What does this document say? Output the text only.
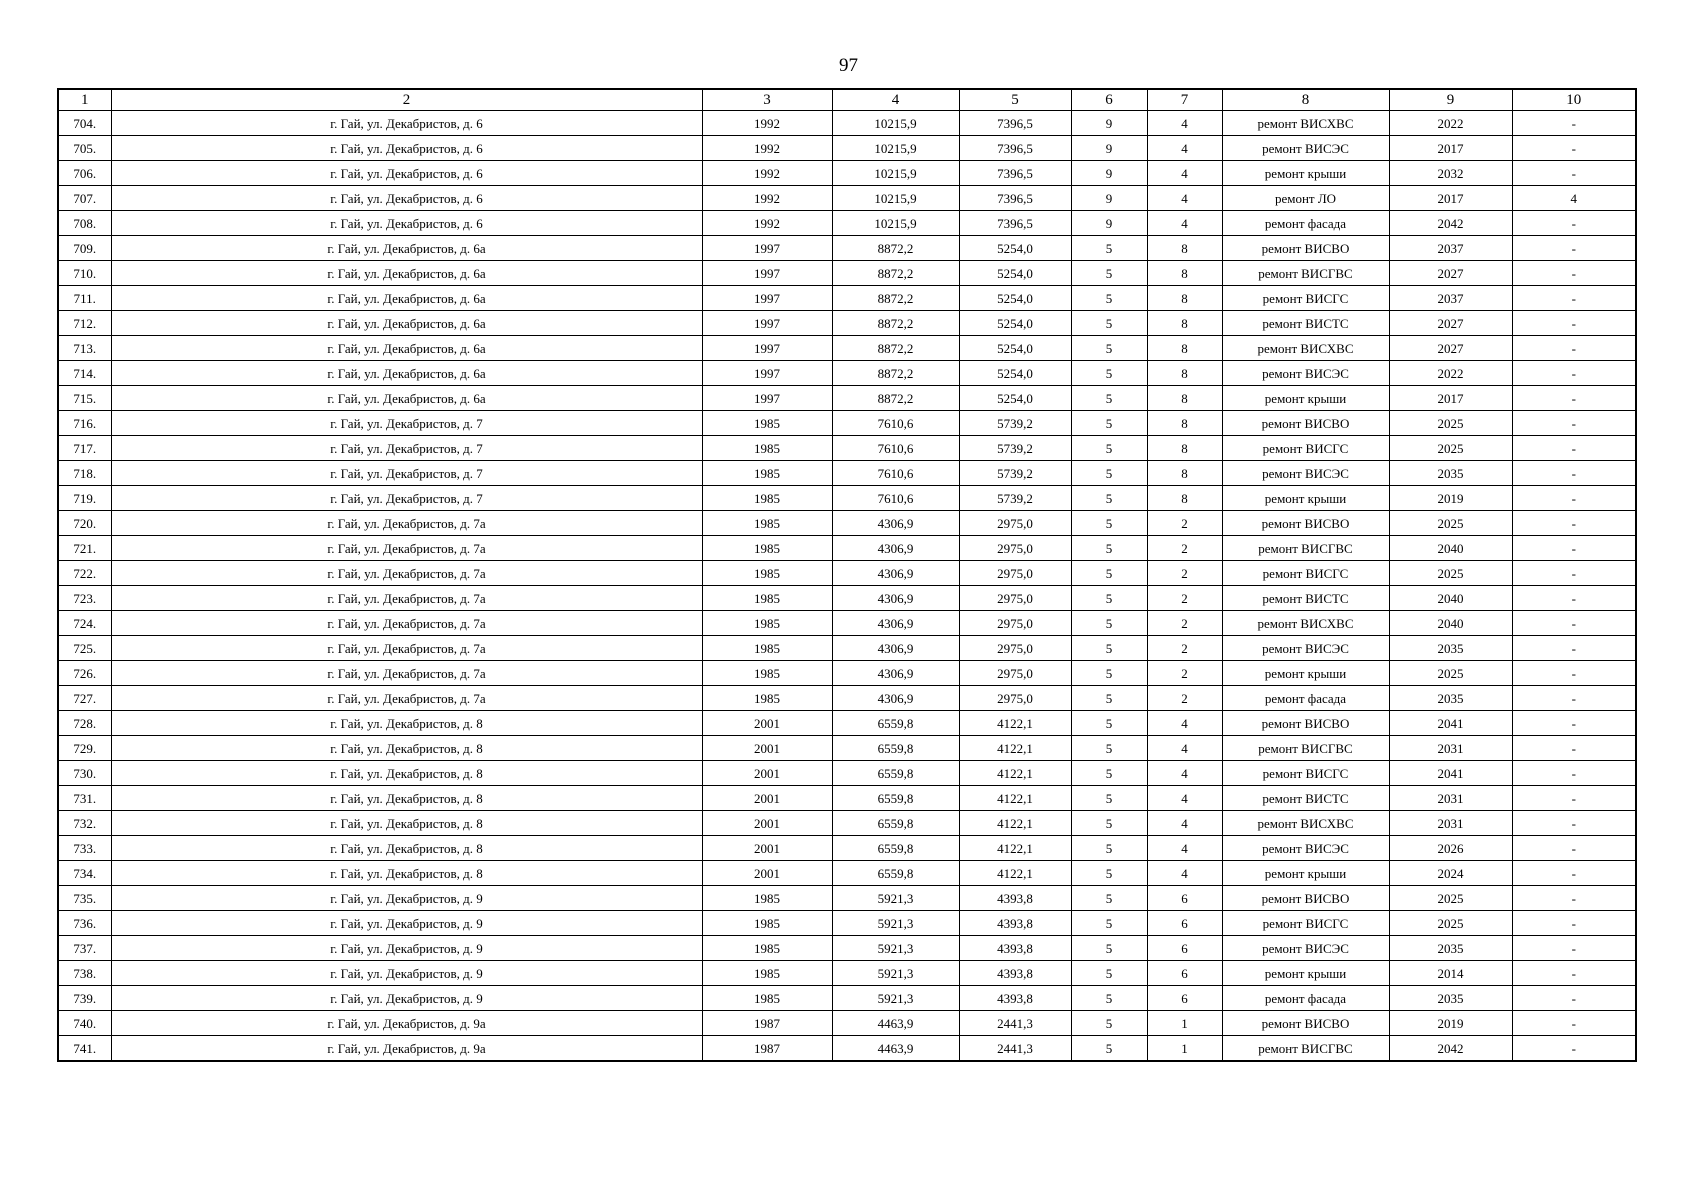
97
1	2	3	4	5	6	7	8	9	10
704.	г. Гай, ул. Декабристов, д. 6	1992	10215,9	7396,5	9	4	ремонт ВИСХВС	2022	-
705.	г. Гай, ул. Декабристов, д. 6	1992	10215,9	7396,5	9	4	ремонт ВИСЭС	2017	-
706.	г. Гай, ул. Декабристов, д. 6	1992	10215,9	7396,5	9	4	ремонт крыши	2032	-
707.	г. Гай, ул. Декабристов, д. 6	1992	10215,9	7396,5	9	4	ремонт ЛО	2017	4
708.	г. Гай, ул. Декабристов, д. 6	1992	10215,9	7396,5	9	4	ремонт фасада	2042	-
709.	г. Гай, ул. Декабристов, д. 6а	1997	8872,2	5254,0	5	8	ремонт ВИСВО	2037	-
710.	г. Гай, ул. Декабристов, д. 6а	1997	8872,2	5254,0	5	8	ремонт ВИСГВС	2027	-
711.	г. Гай, ул. Декабристов, д. 6а	1997	8872,2	5254,0	5	8	ремонт ВИСГС	2037	-
712.	г. Гай, ул. Декабристов, д. 6а	1997	8872,2	5254,0	5	8	ремонт ВИСТС	2027	-
713.	г. Гай, ул. Декабристов, д. 6а	1997	8872,2	5254,0	5	8	ремонт ВИСХВС	2027	-
714.	г. Гай, ул. Декабристов, д. 6а	1997	8872,2	5254,0	5	8	ремонт ВИСЭС	2022	-
715.	г. Гай, ул. Декабристов, д. 6а	1997	8872,2	5254,0	5	8	ремонт крыши	2017	-
716.	г. Гай, ул. Декабристов, д. 7	1985	7610,6	5739,2	5	8	ремонт ВИСВО	2025	-
717.	г. Гай, ул. Декабристов, д. 7	1985	7610,6	5739,2	5	8	ремонт ВИСГС	2025	-
718.	г. Гай, ул. Декабристов, д. 7	1985	7610,6	5739,2	5	8	ремонт ВИСЭС	2035	-
719.	г. Гай, ул. Декабристов, д. 7	1985	7610,6	5739,2	5	8	ремонт крыши	2019	-
720.	г. Гай, ул. Декабристов, д. 7а	1985	4306,9	2975,0	5	2	ремонт ВИСВО	2025	-
721.	г. Гай, ул. Декабристов, д. 7а	1985	4306,9	2975,0	5	2	ремонт ВИСГВС	2040	-
722.	г. Гай, ул. Декабристов, д. 7а	1985	4306,9	2975,0	5	2	ремонт ВИСГС	2025	-
723.	г. Гай, ул. Декабристов, д. 7а	1985	4306,9	2975,0	5	2	ремонт ВИСТС	2040	-
724.	г. Гай, ул. Декабристов, д. 7а	1985	4306,9	2975,0	5	2	ремонт ВИСХВС	2040	-
725.	г. Гай, ул. Декабристов, д. 7а	1985	4306,9	2975,0	5	2	ремонт ВИСЭС	2035	-
726.	г. Гай, ул. Декабристов, д. 7а	1985	4306,9	2975,0	5	2	ремонт крыши	2025	-
727.	г. Гай, ул. Декабристов, д. 7а	1985	4306,9	2975,0	5	2	ремонт фасада	2035	-
728.	г. Гай, ул. Декабристов, д. 8	2001	6559,8	4122,1	5	4	ремонт ВИСВО	2041	-
729.	г. Гай, ул. Декабристов, д. 8	2001	6559,8	4122,1	5	4	ремонт ВИСГВС	2031	-
730.	г. Гай, ул. Декабристов, д. 8	2001	6559,8	4122,1	5	4	ремонт ВИСГС	2041	-
731.	г. Гай, ул. Декабристов, д. 8	2001	6559,8	4122,1	5	4	ремонт ВИСТС	2031	-
732.	г. Гай, ул. Декабристов, д. 8	2001	6559,8	4122,1	5	4	ремонт ВИСХВС	2031	-
733.	г. Гай, ул. Декабристов, д. 8	2001	6559,8	4122,1	5	4	ремонт ВИСЭС	2026	-
734.	г. Гай, ул. Декабристов, д. 8	2001	6559,8	4122,1	5	4	ремонт крыши	2024	-
735.	г. Гай, ул. Декабристов, д. 9	1985	5921,3	4393,8	5	6	ремонт ВИСВО	2025	-
736.	г. Гай, ул. Декабристов, д. 9	1985	5921,3	4393,8	5	6	ремонт ВИСГС	2025	-
737.	г. Гай, ул. Декабристов, д. 9	1985	5921,3	4393,8	5	6	ремонт ВИСЭС	2035	-
738.	г. Гай, ул. Декабристов, д. 9	1985	5921,3	4393,8	5	6	ремонт крыши	2014	-
739.	г. Гай, ул. Декабристов, д. 9	1985	5921,3	4393,8	5	6	ремонт фасада	2035	-
740.	г. Гай, ул. Декабристов, д. 9а	1987	4463,9	2441,3	5	1	ремонт ВИСВО	2019	-
741.	г. Гай, ул. Декабристов, д. 9а	1987	4463,9	2441,3	5	1	ремонт ВИСГВС	2042	-
